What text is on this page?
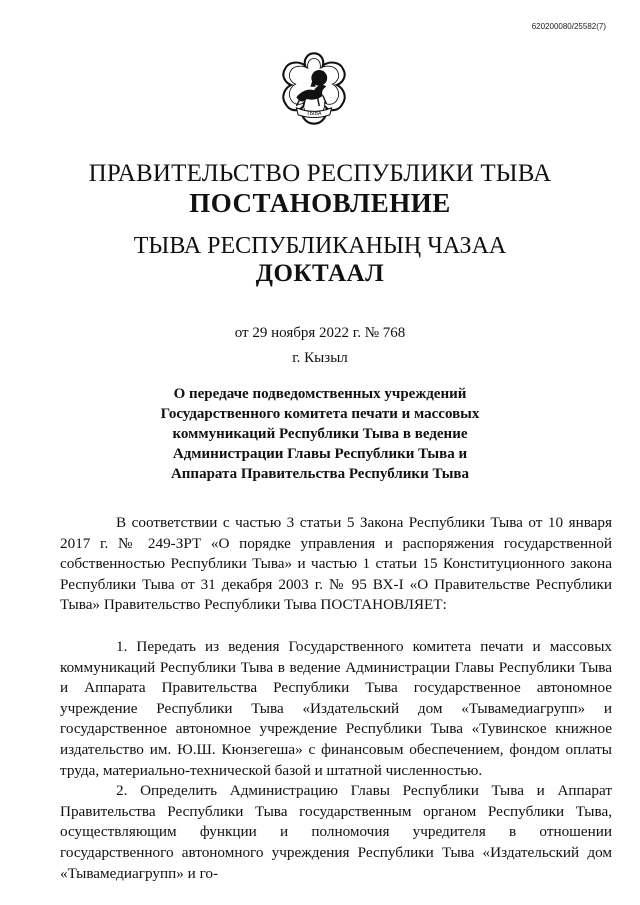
620200080/25582(7)
ТЫВА
ПРАВИТЕЛЬСТВО РЕСПУБЛИКИ ТЫВА
ПОСТАНОВЛЕНИЕ
ТЫВА РЕСПУБЛИКАНЫҢ ЧАЗАА
ДОКТААЛ
от 29 ноября 2022 г. № 768
г. Кызыл
О передаче подведомственных учреждений
Государственного комитета печати и массовых
коммуникаций Республики Тыва в ведение
Администрации Главы Республики Тыва и
Аппарата Правительства Республики Тыва

В соответствии с частью 3 статьи 5 Закона Республики Тыва от 10 января 2017 г. № 249-ЗРТ «О порядке управления и распоряжения государственной собственностью Республики Тыва» и частью 1 статьи 15 Конституционного закона Республики Тыва от 31 декабря 2003 г. № 95 ВХ-I «О Правительстве Республики Тыва» Правительство Республики Тыва ПОСТАНОВЛЯЕТ:

1. Передать из ведения Государственного комитета печати и массовых коммуникаций Республики Тыва в ведение Администрации Главы Республики Тыва и Аппарата Правительства Республики Тыва государственное автономное учреждение Республики Тыва «Издательский дом «Тывамедиагрупп» и государственное автономное учреждение Республики Тыва «Тувинское книжное издательство им. Ю.Ш. Кюнзегеша» с финансовым обеспечением, фондом оплаты труда, материально-технической базой и штатной численностью.

2. Определить Администрацию Главы Республики Тыва и Аппарат Правительства Республики Тыва государственным органом Республики Тыва, осуществляющим функции и полномочия учредителя в отношении государственного автономного учреждения Республики Тыва «Издательский дом «Тывамедиагрупп» и го-
